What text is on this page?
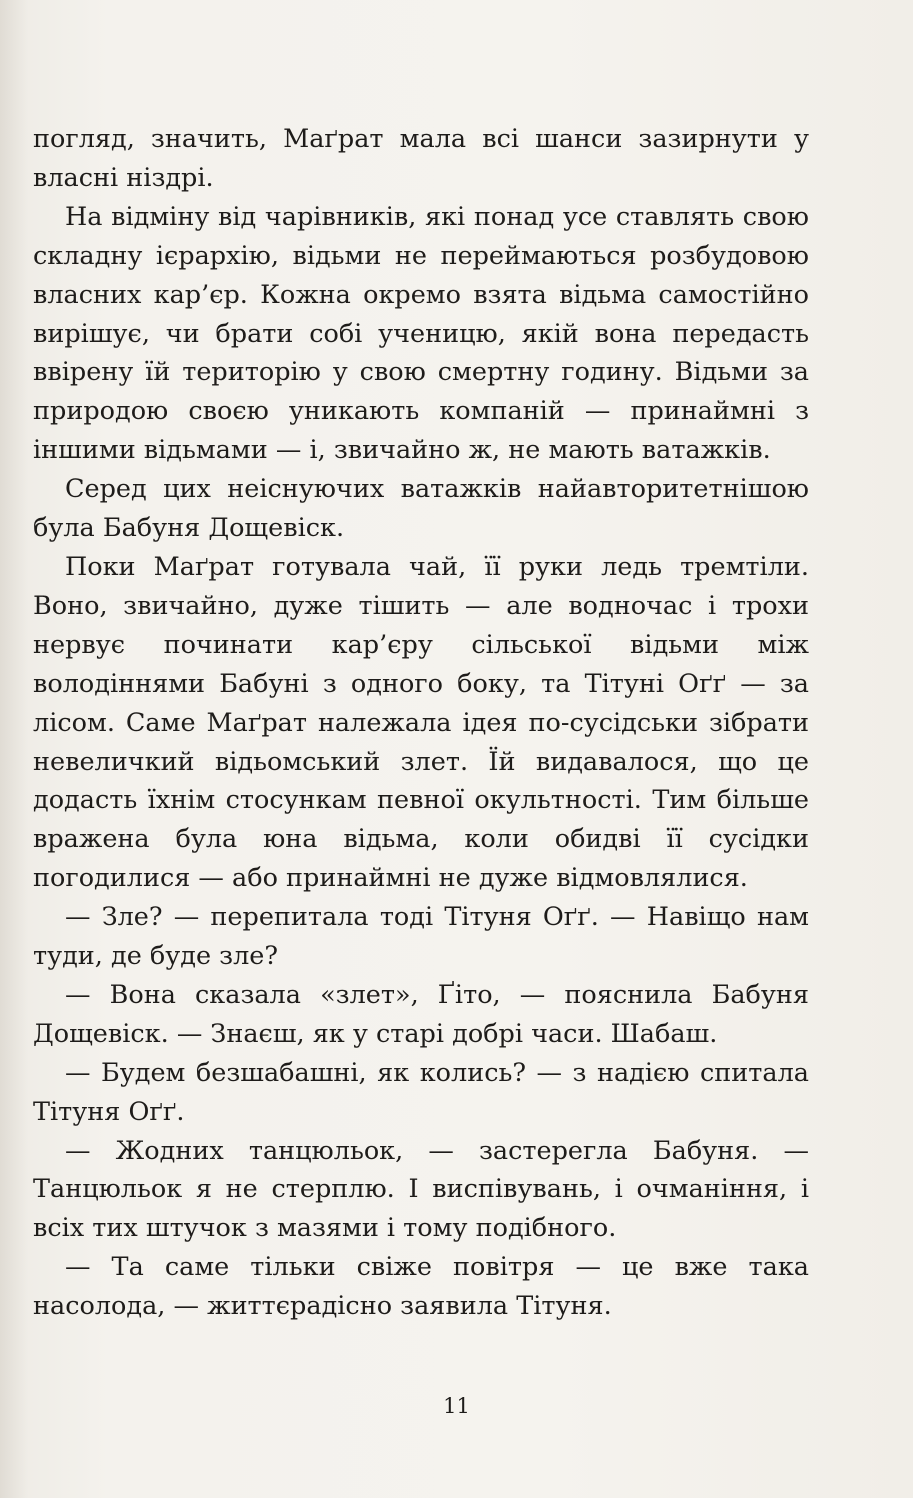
погляд, значить, Маґрат мала всі шанси зазирнути у власні ніздрі.

На відміну від чарівників, які понад усе ставлять свою складну ієрархію, відьми не переймаються розбудовою власних кар’єр. Кожна окремо взята відьма самостійно вирішує, чи брати собі ученицю, якій вона передасть ввірену їй територію у свою смертну годину. Відьми за природою своєю уникають компаній — принаймні з іншими відьмами — і, звичайно ж, не мають ватажків.

Серед цих неіснуючих ватажків найавторитетнішою була Бабуня Дощевіск.

Поки Маґрат готувала чай, її руки ледь тремтіли. Воно, звичайно, дуже тішить — але водночас і трохи нервує починати кар’єру сільської відьми між володіннями Бабуні з одного боку, та Тітуні Оґґ — за лісом. Саме Маґрат належала ідея по-сусідськи зібрати невеличкий відьомський злет. Їй видавалося, що це додасть їхнім стосункам певної окультності. Тим більше вражена була юна відьма, коли обидві її сусідки погодилися — або принаймні не дуже відмовлялися.

— Зле? — перепитала тоді Тітуня Оґґ. — Навіщо нам туди, де буде зле?

— Вона сказала «злет», Ґіто, — пояснила Бабуня Дощевіск. — Знаєш, як у старі добрі часи. Шабаш.

— Будем безшабашні, як колись? — з надією спитала Тітуня Оґґ.

— Жодних танцюльок, — застерегла Бабуня. — Танцюльок я не стерплю. І виспівувань, і очманіння, і всіх тих штучок з мазями і тому подібного.

— Та саме тільки свіже повітря — це вже така насолода, — життєрадісно заявила Тітуня.

11
